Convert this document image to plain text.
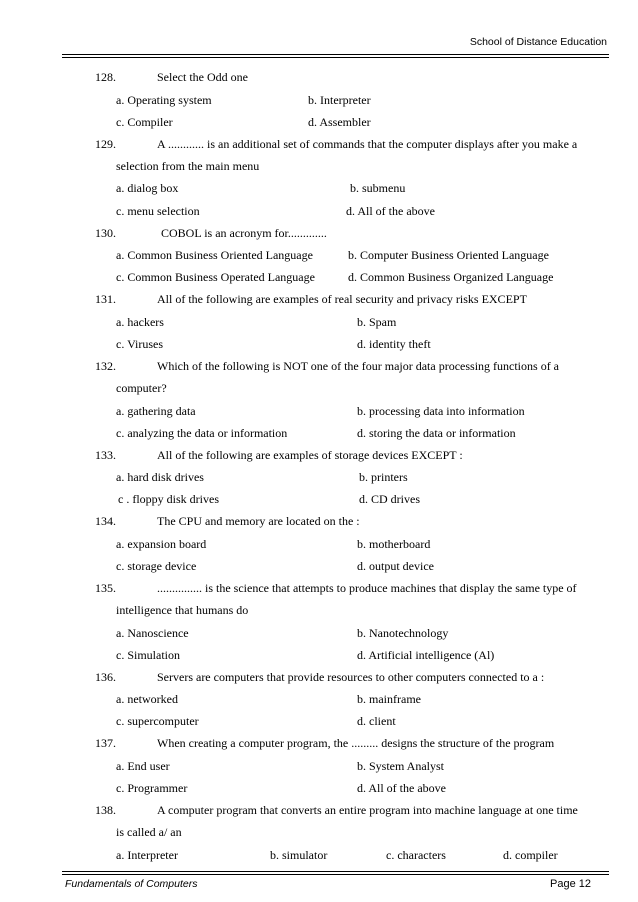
School of Distance Education
128.	Select the Odd one
a. Operating system	b. Interpreter
c. Compiler	d. Assembler
129.	A ............ is an additional set of commands that the computer displays after you make a
selection from the main menu
a. dialog box	b. submenu
c. menu selection	d. All of the above
130.	COBOL is an acronym for.............
a. Common Business Oriented Language	b. Computer Business Oriented Language
c. Common Business Operated Language	d. Common Business Organized Language
131.	All of the following are examples of real security and privacy risks EXCEPT
a. hackers	b. Spam
c. Viruses	d. identity theft
132.	Which of the following is NOT one of the four major data processing functions of a
computer?
a. gathering data	b. processing data into information
c. analyzing the data or information	d. storing the data or information
133.	All of the following are examples of storage devices EXCEPT :
a. hard disk drives	b. printers
c . floppy disk drives	d. CD drives
134.	The CPU and memory are located on the :
a. expansion board	b. motherboard
c. storage device	d. output device
135.	............... is the science that attempts to produce machines that display the same type of
intelligence that humans do
a. Nanoscience	b. Nanotechnology
c. Simulation	d. Artificial intelligence (Al)
136.	Servers are computers that provide resources to other computers connected to a :
a. networked	b. mainframe
c. supercomputer	d. client
137.	When creating a computer program, the ......... designs the structure of the program
a. End user	b. System Analyst
c. Programmer	d. All of the above
138.	A computer program that converts an entire program into machine language at one time
is called a/ an
a. Interpreter	b. simulator	c. characters	d. compiler
Fundamentals of Computers	Page 12
